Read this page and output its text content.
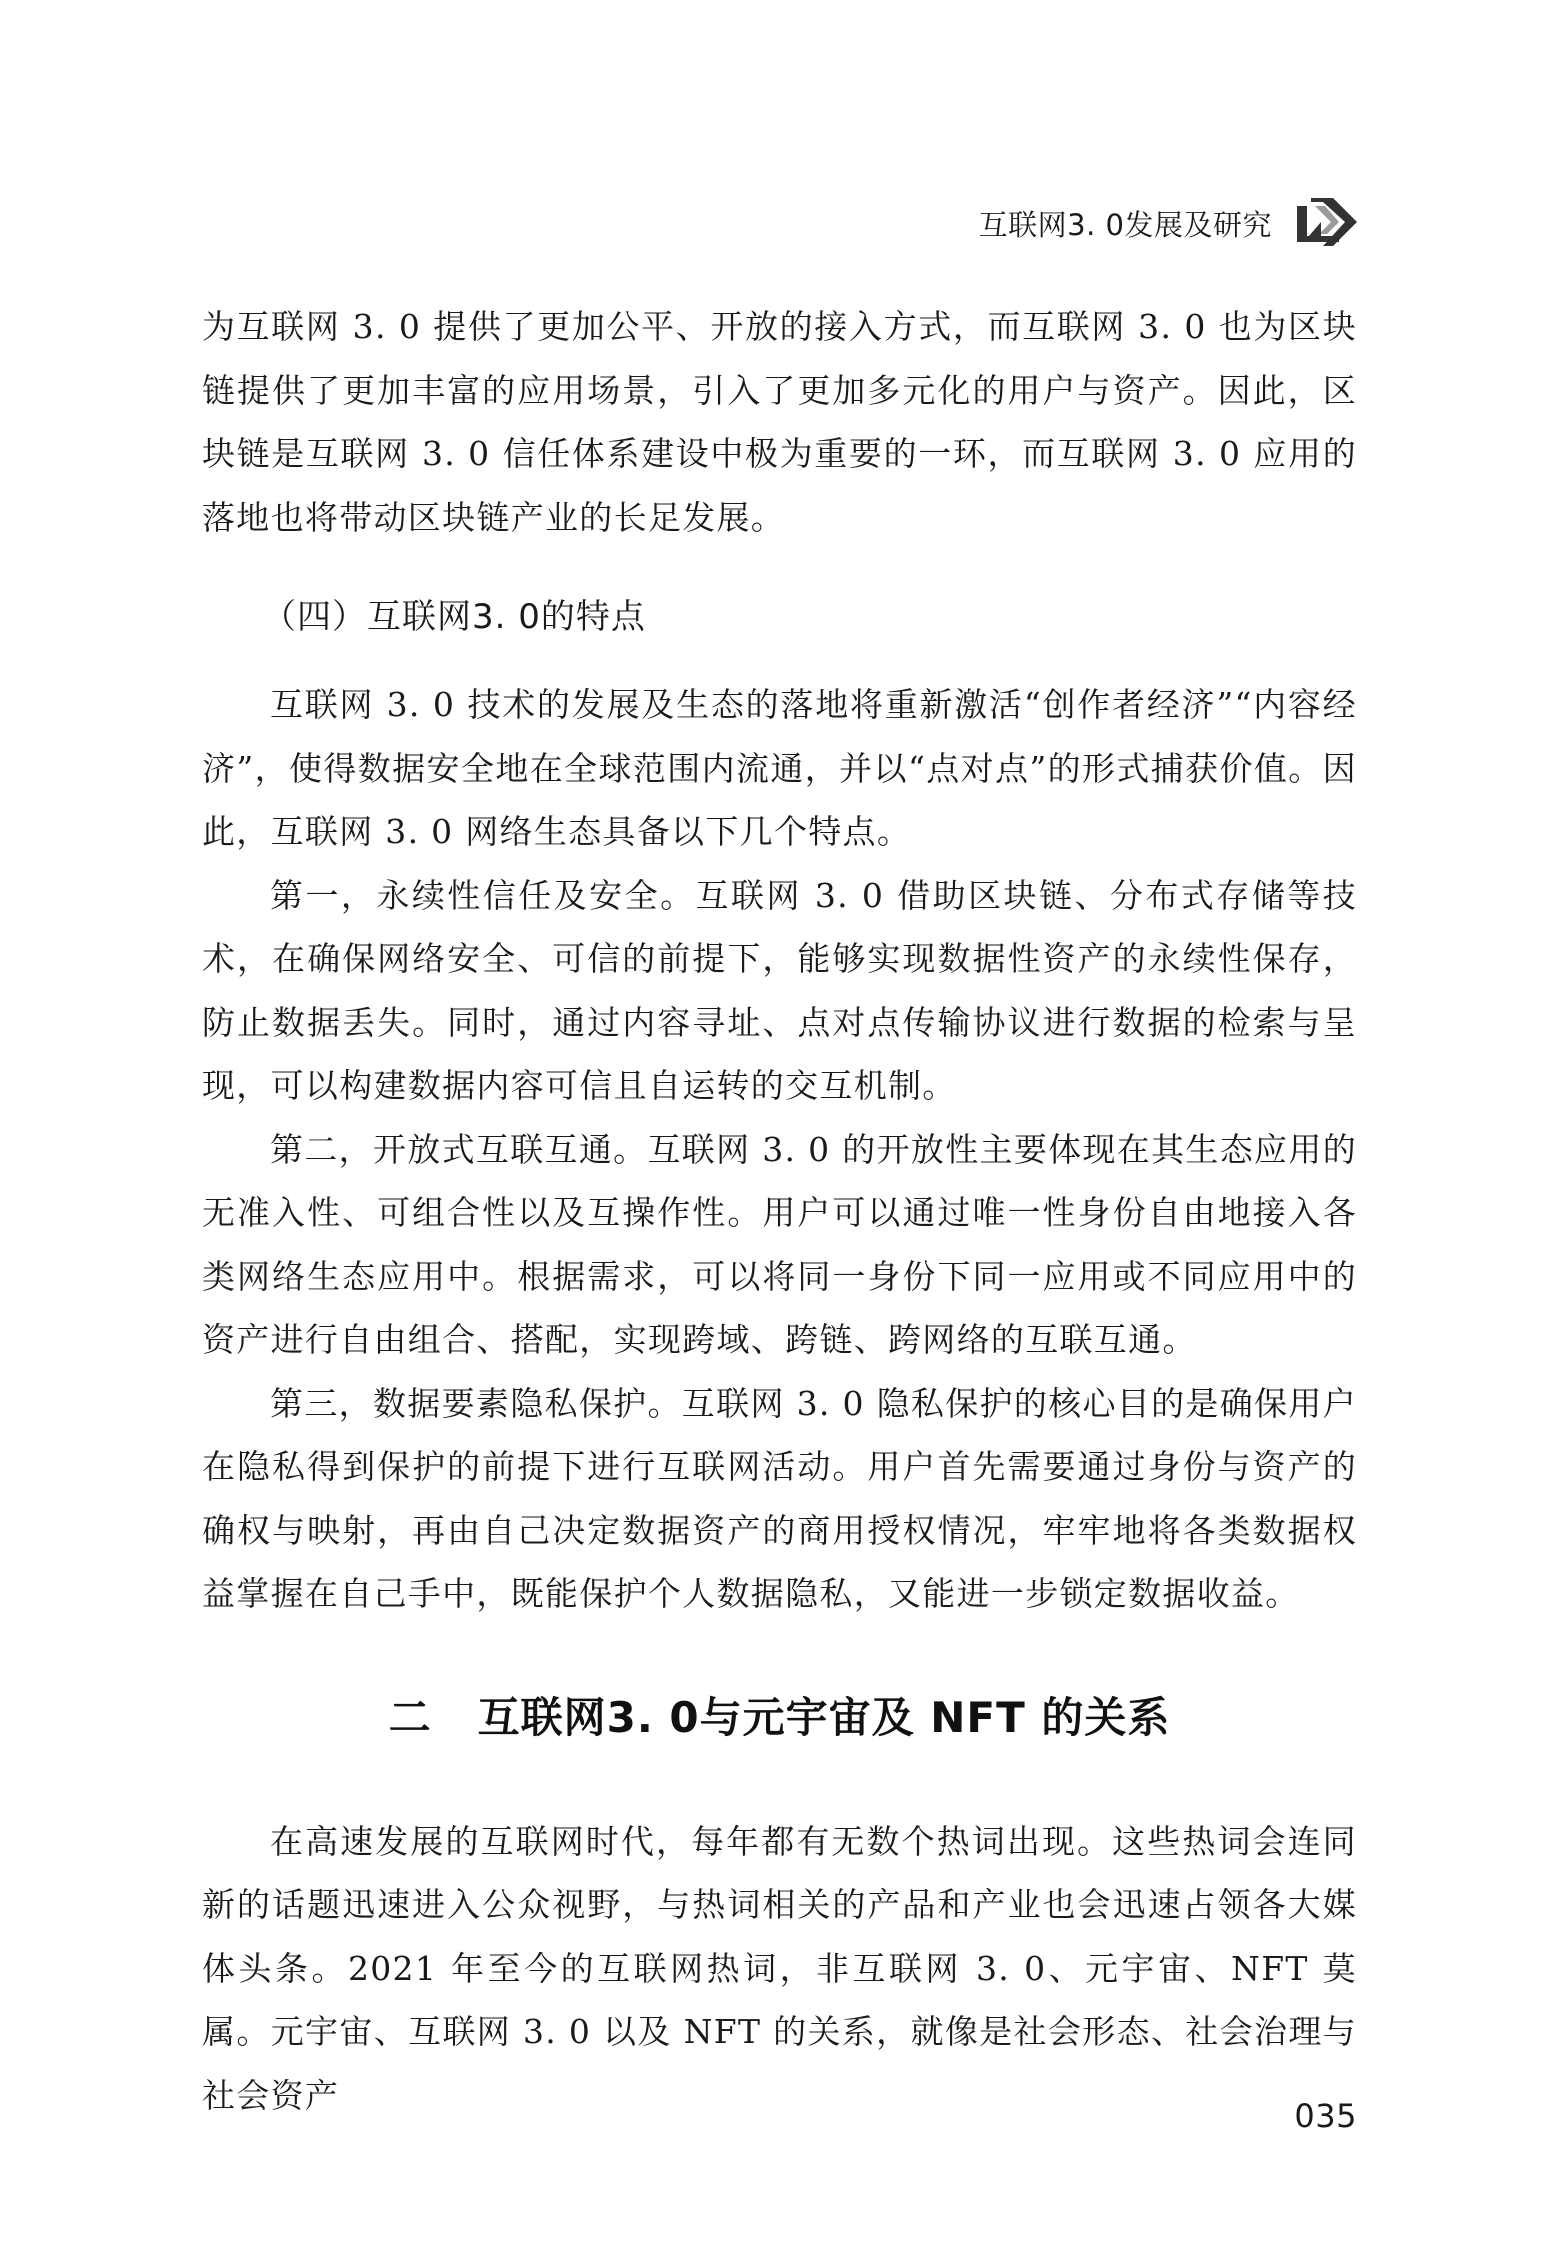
互联网3. 0发展及研究

为互联网 3. 0 提供了更加公平、开放的接入方式，而互联网 3. 0 也为区块链提供了更加丰富的应用场景，引入了更加多元化的用户与资产。因此，区块链是互联网 3. 0 信任体系建设中极为重要的一环，而互联网 3. 0 应用的落地也将带动区块链产业的长足发展。

（四）互联网3. 0的特点

互联网 3. 0 技术的发展及生态的落地将重新激活“创作者经济”“内容经济”，使得数据安全地在全球范围内流通，并以“点对点”的形式捕获价值。因此，互联网 3. 0 网络生态具备以下几个特点。

第一，永续性信任及安全。互联网 3. 0 借助区块链、分布式存储等技术，在确保网络安全、可信的前提下，能够实现数据性资产的永续性保存，防止数据丢失。同时，通过内容寻址、点对点传输协议进行数据的检索与呈现，可以构建数据内容可信且自运转的交互机制。

第二，开放式互联互通。互联网 3. 0 的开放性主要体现在其生态应用的无准入性、可组合性以及互操作性。用户可以通过唯一性身份自由地接入各类网络生态应用中。根据需求，可以将同一身份下同一应用或不同应用中的资产进行自由组合、搭配，实现跨域、跨链、跨网络的互联互通。

第三，数据要素隐私保护。互联网 3. 0 隐私保护的核心目的是确保用户在隐私得到保护的前提下进行互联网活动。用户首先需要通过身份与资产的确权与映射，再由自己决定数据资产的商用授权情况，牢牢地将各类数据权益掌握在自己手中，既能保护个人数据隐私，又能进一步锁定数据收益。

二 互联网3. 0与元宇宙及 NFT 的关系

在高速发展的互联网时代，每年都有无数个热词出现。这些热词会连同新的话题迅速进入公众视野，与热词相关的产品和产业也会迅速占领各大媒体头条。2021 年至今的互联网热词，非互联网 3. 0、元宇宙、NFT 莫属。元宇宙、互联网 3. 0 以及 NFT 的关系，就像是社会形态、社会治理与社会资产

035
